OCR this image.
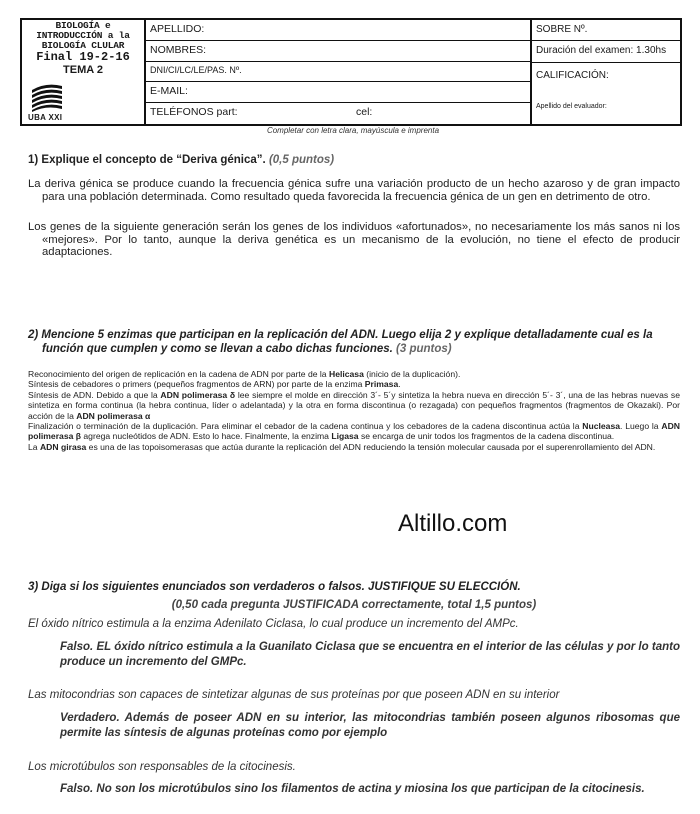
BIOLOGÍA e
INTRODUCCIÓN a la
BIOLOGÍA CLULAR
Final 19-2-16
TEMA 2
UBA XXI
APELLIDO:
NOMBRES:
DNI/CI/LC/LE/PAS. Nº.
E-MAIL:
TELÉFONOS part:	cel:
SOBRE Nº.
Duración del examen: 1.30hs
CALIFICACIÓN:
Apellido del evaluador:
Completar con letra clara, mayúscula e imprenta
1) Explique el concepto de “Deriva génica”. (0,5 puntos)
La deriva génica se produce cuando la frecuencia génica sufre una variación producto de un hecho azaroso y de gran impacto para una población determinada. Como resultado queda favorecida la frecuencia génica de un gen en detrimento de otro.
Los genes de la siguiente generación serán los genes de los individuos «afortunados», no necesariamente los más sanos ni los «mejores». Por lo tanto, aunque la deriva genética es un mecanismo de la evolución, no tiene el efecto de producir adaptaciones.
2) Mencione 5 enzimas que participan en la replicación del ADN. Luego elija 2 y explique detalladamente cual es la función que cumplen y como se llevan a cabo dichas funciones. (3 puntos)

Reconocimiento del origen de replicación en la cadena de ADN por parte de la Helicasa (inicio de la duplicación).

Síntesis de cebadores o primers (pequeños fragmentos de ARN) por parte de la enzima Primasa.

Síntesis de ADN. Debido a que la ADN polimerasa δ lee siempre el molde en dirección 3´- 5´y sintetiza la hebra nueva en dirección 5´- 3´, una de las hebras nuevas se sintetiza en forma continua (la hebra continua, líder o adelantada) y la otra en forma discontinua (o rezagada) con pequeños fragmentos (fragmentos de Okazaki). Por acción de la ADN polimerasa α

Finalización o terminación de la duplicación. Para eliminar el cebador de la cadena continua y los cebadores de la cadena discontinua actúa la Nucleasa. Luego la ADN polimerasa β agrega nucleótidos de ADN. Esto lo hace. Finalmente, la enzima Ligasa se encarga de unir todos los fragmentos de la cadena discontinua.

La ADN girasa es una de las topoisomerasas que actúa durante la replicación del ADN reduciendo la tensión molecular causada por el superenrollamiento del ADN.

Altillo.com
3) Diga si los siguientes enunciados son verdaderos o falsos. JUSTIFIQUE SU ELECCIÓN.
(0,50 cada pregunta JUSTIFICADA correctamente, total 1,5 puntos)
El óxido nítrico estimula a la enzima Adenilato Ciclasa, lo cual produce un incremento del AMPc.
Falso. EL óxido nítrico estimula a la Guanilato Ciclasa que se encuentra en el interior de las células y por lo tanto produce un incremento del GMPc.
Las mitocondrias son capaces de sintetizar algunas de sus proteínas por que poseen ADN en su interior
Verdadero. Además de poseer ADN en su interior, las mitocondrias también poseen algunos ribosomas que permite las síntesis de algunas proteínas como por ejemplo
Los microtúbulos son responsables de la citocinesis.
Falso. No son los microtúbulos sino los filamentos de actina y miosina los que participan de la citocinesis.
